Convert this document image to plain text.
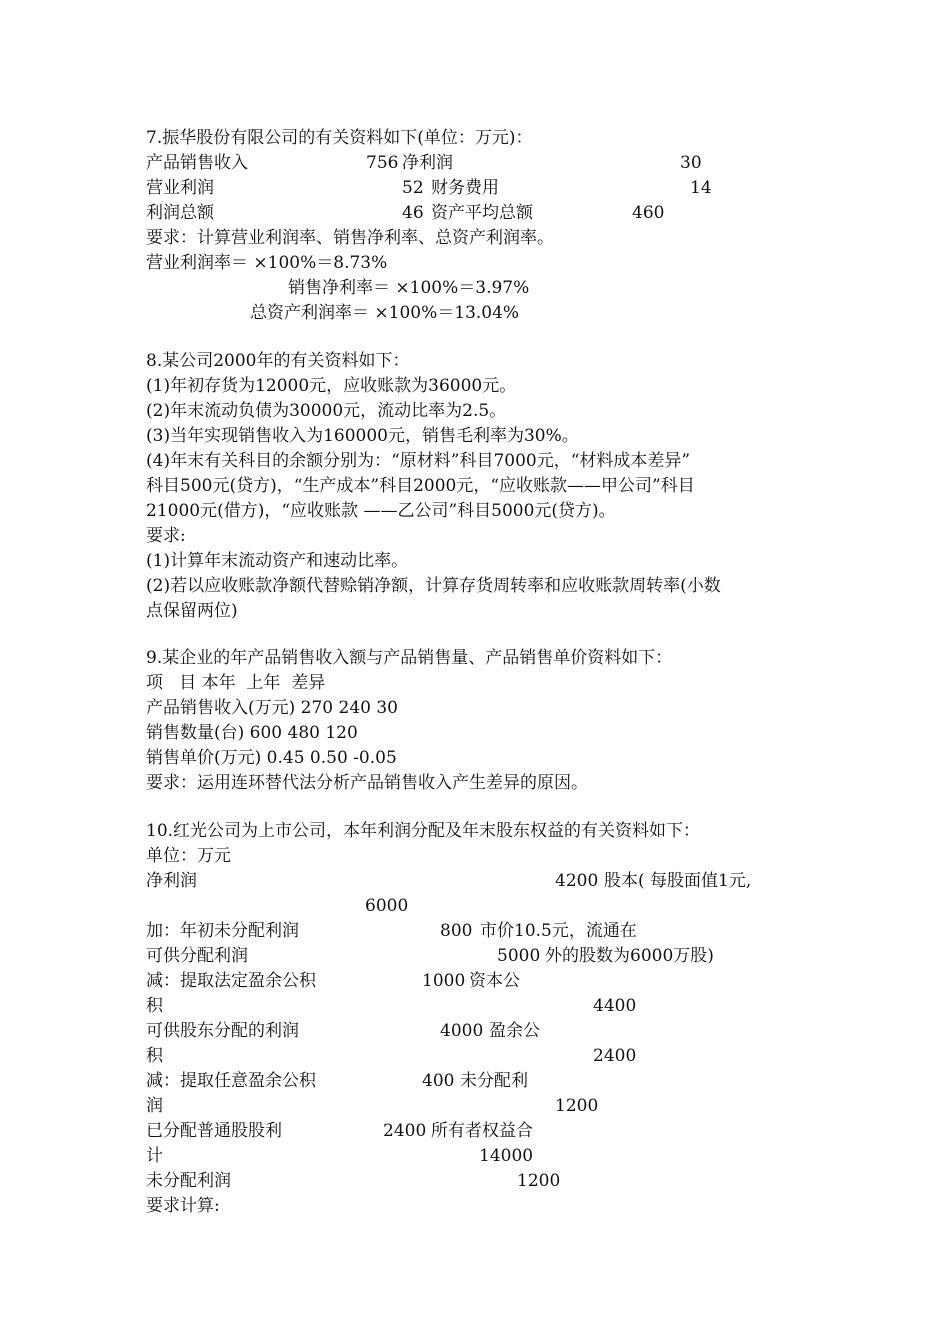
7.振华股份有限公司的有关资料如下(单位：万元)：
产品销售收入	756 净利润	30
营业利润	52 财务费用	14
利润总额	46 资产平均总额	460
要求：计算营业利润率、销售净利率、总资产利润率。
营业利润率＝ ×100%＝8.73%
销售净利率＝ ×100%＝3.97%
总资产利润率＝ ×100%＝13.04%
8.某公司2000年的有关资料如下：
(1)年初存货为12000元，应收账款为36000元。
(2)年末流动负债为30000元，流动比率为2.5。
(3)当年实现销售收入为160000元，销售毛利率为30%。
(4)年末有关科目的余额分别为：“原材料”科目7000元，“材料成本差异”
科目500元(贷方)，“生产成本”科目2000元，“应收账款——甲公司”科目
21000元(借方)，“应收账款 ——乙公司”科目5000元(贷方)。
要求:
(1)计算年末流动资产和速动比率。
(2)若以应收账款净额代替赊销净额，计算存货周转率和应收账款周转率(小数
点保留两位)
9.某企业的年产品销售收入额与产品销售量、产品销售单价资料如下：
项   目 本年  上年  差异
产品销售收入(万元) 270 240 30
销售数量(台) 600 480 120
销售单价(万元) 0.45 0.50 -0.05
要求：运用连环替代法分析产品销售收入产生差异的原因。
10.红光公司为上市公司，本年利润分配及年末股东权益的有关资料如下：
单位：万元
净利润	4200 股本( 每股面值1元,
6000
加：年初未分配利润	800 市价10.5元，流通在
可供分配利润	5000 外的股数为6000万股)
减：提取法定盈余公积	1000 资本公
积	4400
可供股东分配的利润	4000 盈余公
积	2400
减：提取任意盈余公积	400 未分配利
润	1200
已分配普通股股利	2400 所有者权益合
计	14000
未分配利润	1200
要求计算:
